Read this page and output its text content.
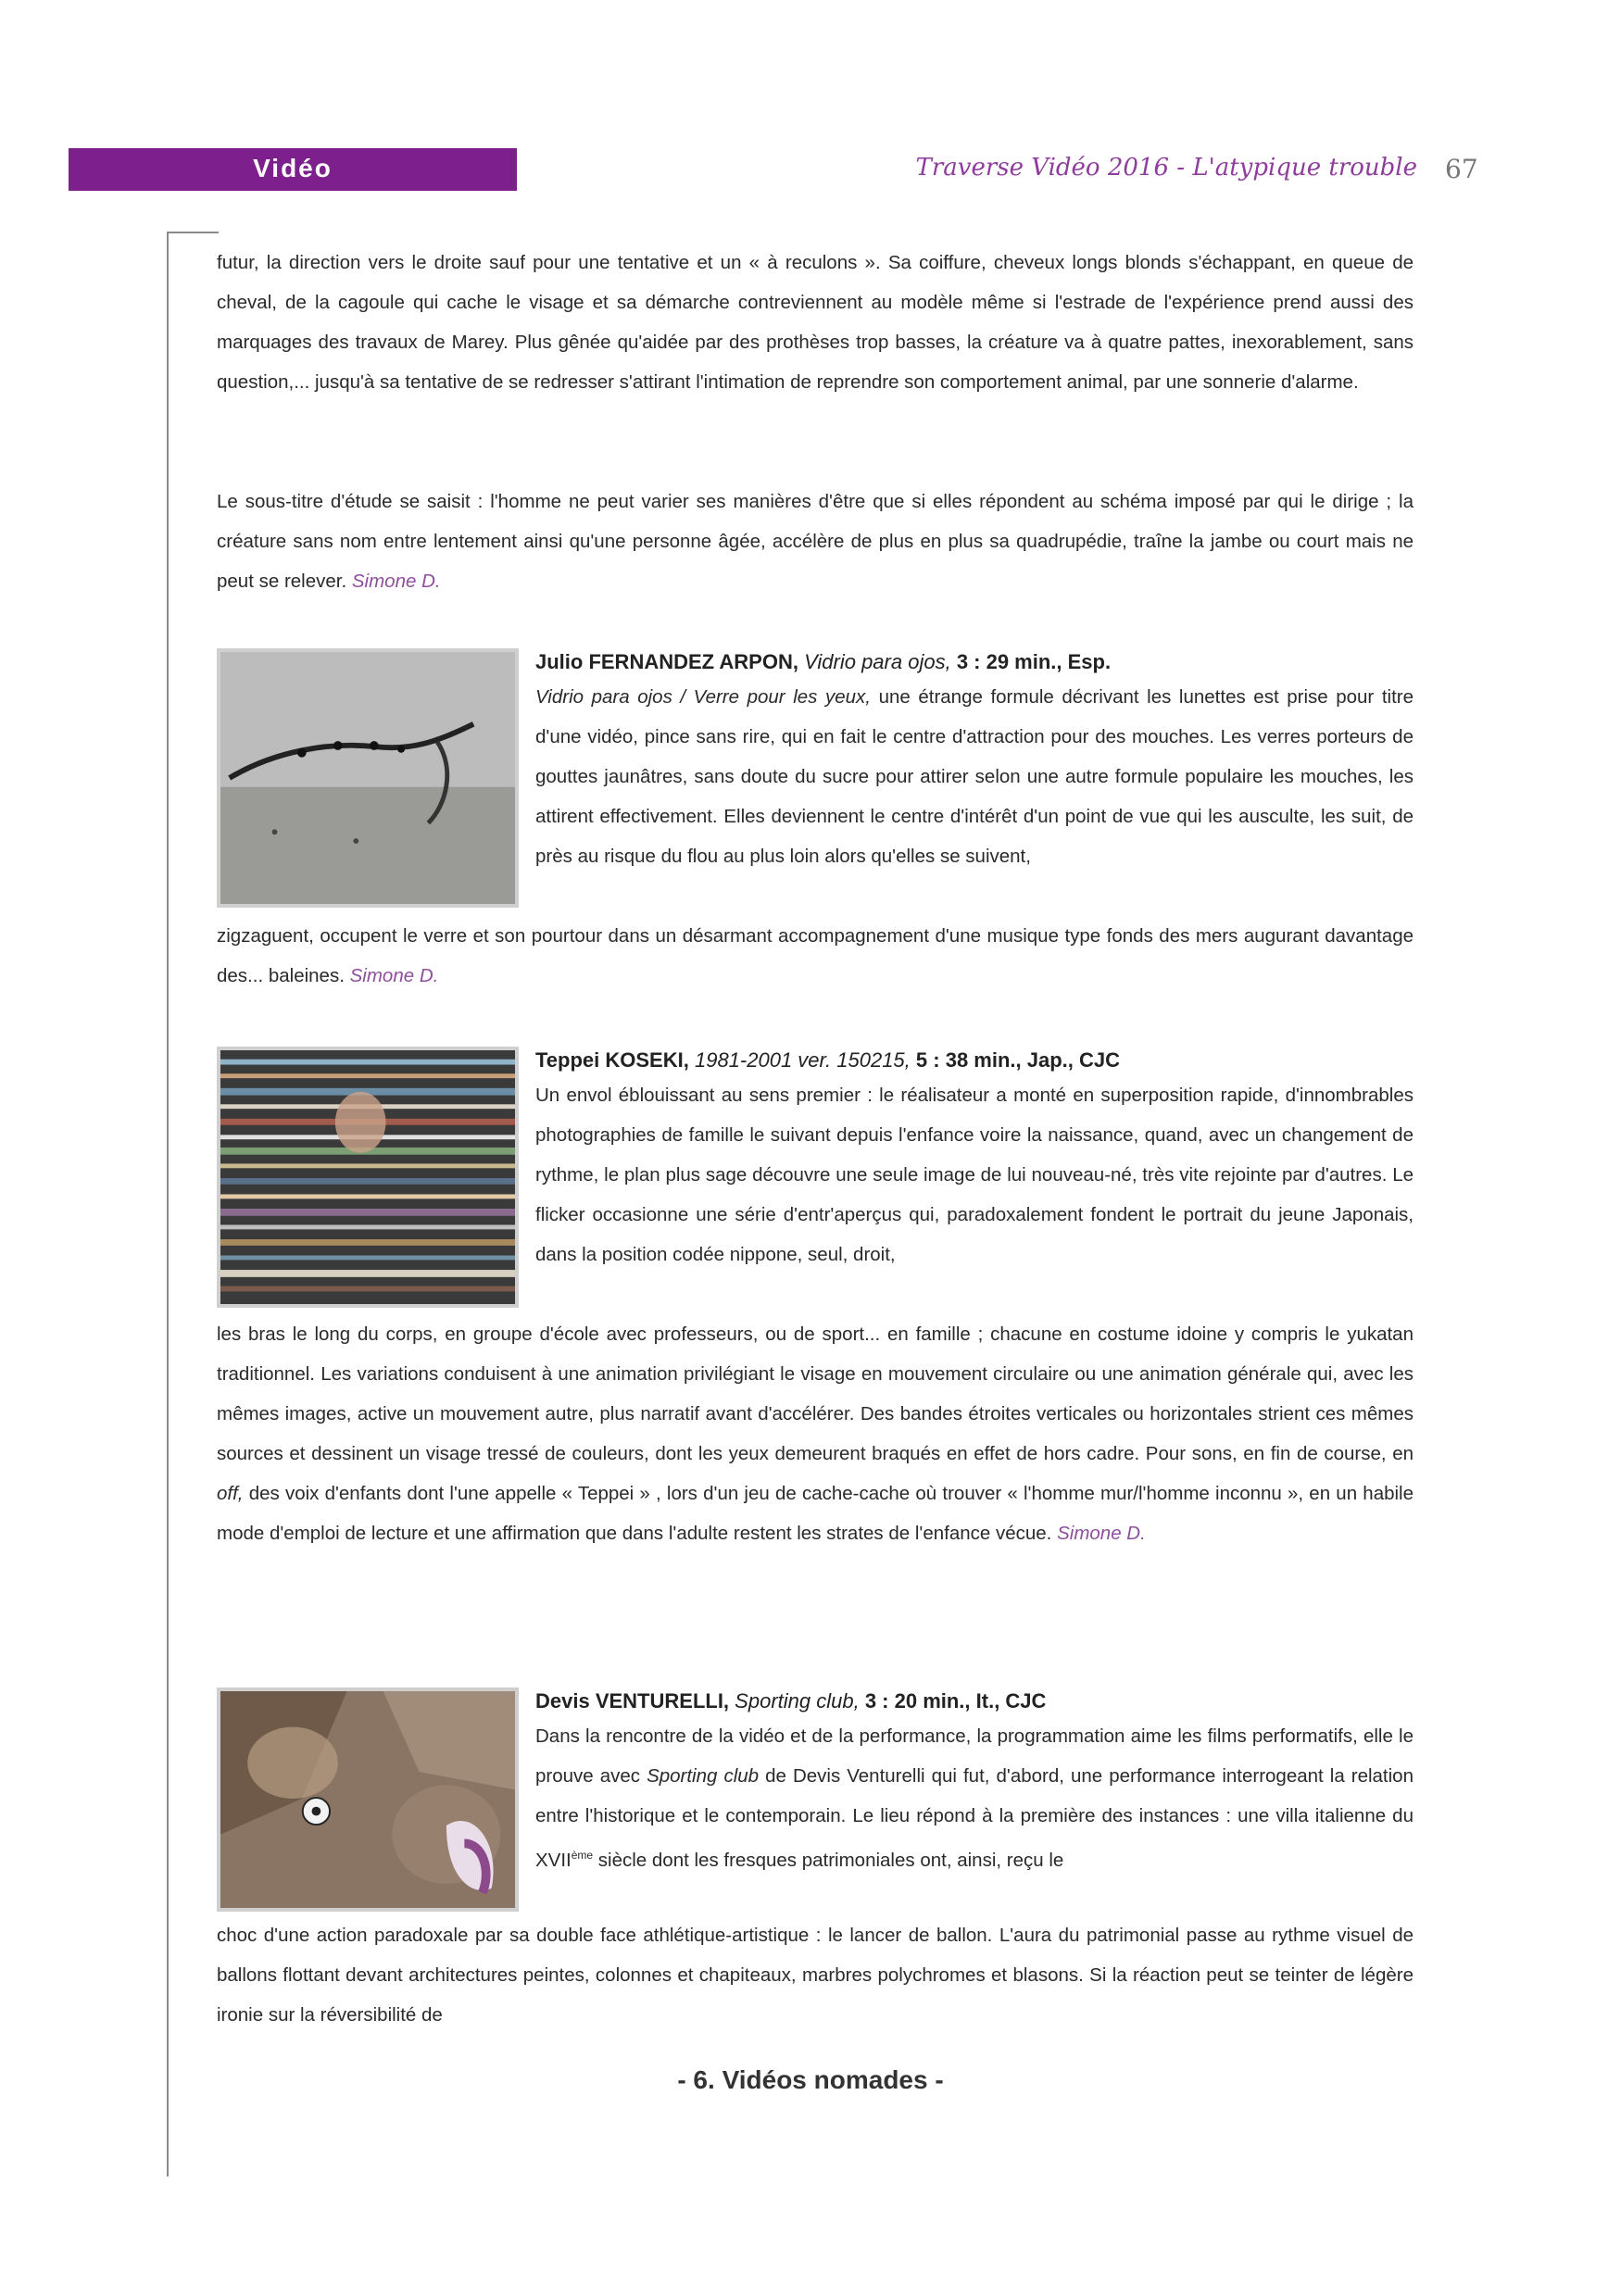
Vidéo	Traverse Vidéo 2016 - L'atypique trouble 67

futur, la direction vers le droite sauf pour une tentative et un « à reculons ». Sa coiffure, cheveux longs blonds s'échappant, en queue de cheval, de la cagoule qui cache le visage et sa démarche contreviennent au modèle même si l'estrade de l'expérience prend aussi des marquages des travaux de Marey. Plus gênée qu'aidée par des prothèses trop basses, la créature va à quatre pattes, inexorablement, sans question,... jusqu'à sa tentative de se redresser s'attirant l'intimation de reprendre son comportement animal, par une sonnerie d'alarme.

Le sous-titre d'étude se saisit : l'homme ne peut varier ses manières d'être que si elles répondent au schéma imposé par qui le dirige ; la créature sans nom entre lentement ainsi qu'une personne âgée, accélère de plus en plus sa quadrupédie, traîne la jambe ou court mais ne peut se relever. Simone D.

Julio FERNANDEZ ARPON, Vidrio para ojos, 3 : 29 min., Esp.

Vidrio para ojos / Verre pour les yeux, une étrange formule décrivant les lunettes est prise pour titre d'une vidéo, pince sans rire, qui en fait le centre d'attraction pour des mouches. Les verres porteurs de gouttes jaunâtres, sans doute du sucre pour attirer selon une autre formule populaire les mouches, les attirent effectivement. Elles deviennent le centre d'intérêt d'un point de vue qui les ausculte, les suit, de près au risque du flou au plus loin alors qu'elles se suivent,

zigzaguent, occupent le verre et son pourtour dans un désarmant accompagnement d'une musique type fonds des mers augurant davantage des... baleines. Simone D.

Teppei KOSEKI, 1981-2001 ver. 150215, 5 : 38 min., Jap., CJC

Un envol éblouissant au sens premier : le réalisateur a monté en superposition rapide, d'innombrables photographies de famille le suivant depuis l'enfance voire la naissance, quand, avec un changement de rythme, le plan plus sage découvre une seule image de lui nouveau-né, très vite rejointe par d'autres. Le flicker occasionne une série d'entr'aperçus qui, paradoxalement fondent le portrait du jeune Japonais, dans la position codée nippone, seul, droit,

les bras le long du corps, en groupe d'école avec professeurs, ou de sport... en famille ; chacune en costume idoine y compris le yukatan traditionnel. Les variations conduisent à une animation privilégiant le visage en mouvement circulaire ou une animation générale qui, avec les mêmes images, active un mouvement autre, plus narratif avant d'accélérer. Des bandes étroites verticales ou horizontales strient ces mêmes sources et dessinent un visage tressé de couleurs, dont les yeux demeurent braqués en effet de hors cadre. Pour sons, en fin de course, en off, des voix d'enfants dont l'une appelle « Teppei » , lors d'un jeu de cache-cache où trouver « l'homme mur/l'homme inconnu », en un habile mode d'emploi de lecture et une affirmation que dans l'adulte restent les strates de l'enfance vécue. Simone D.

Devis VENTURELLI, Sporting club, 3 : 20 min., It., CJC

Dans la rencontre de la vidéo et de la performance, la programmation aime les films performatifs, elle le prouve avec Sporting club de Devis Venturelli qui fut, d'abord, une performance interrogeant la relation entre l'historique et le contemporain. Le lieu répond à la première des instances : une villa italienne du XVIIème siècle dont les fresques patrimoniales ont, ainsi, reçu le

choc d'une action paradoxale par sa double face athlétique-artistique : le lancer de ballon. L'aura du patrimonial passe au rythme visuel de ballons flottant devant architectures peintes, colonnes et chapiteaux, marbres polychromes et blasons. Si la réaction peut se teinter de légère ironie sur la réversibilité de

- 6. Vidéos nomades -
